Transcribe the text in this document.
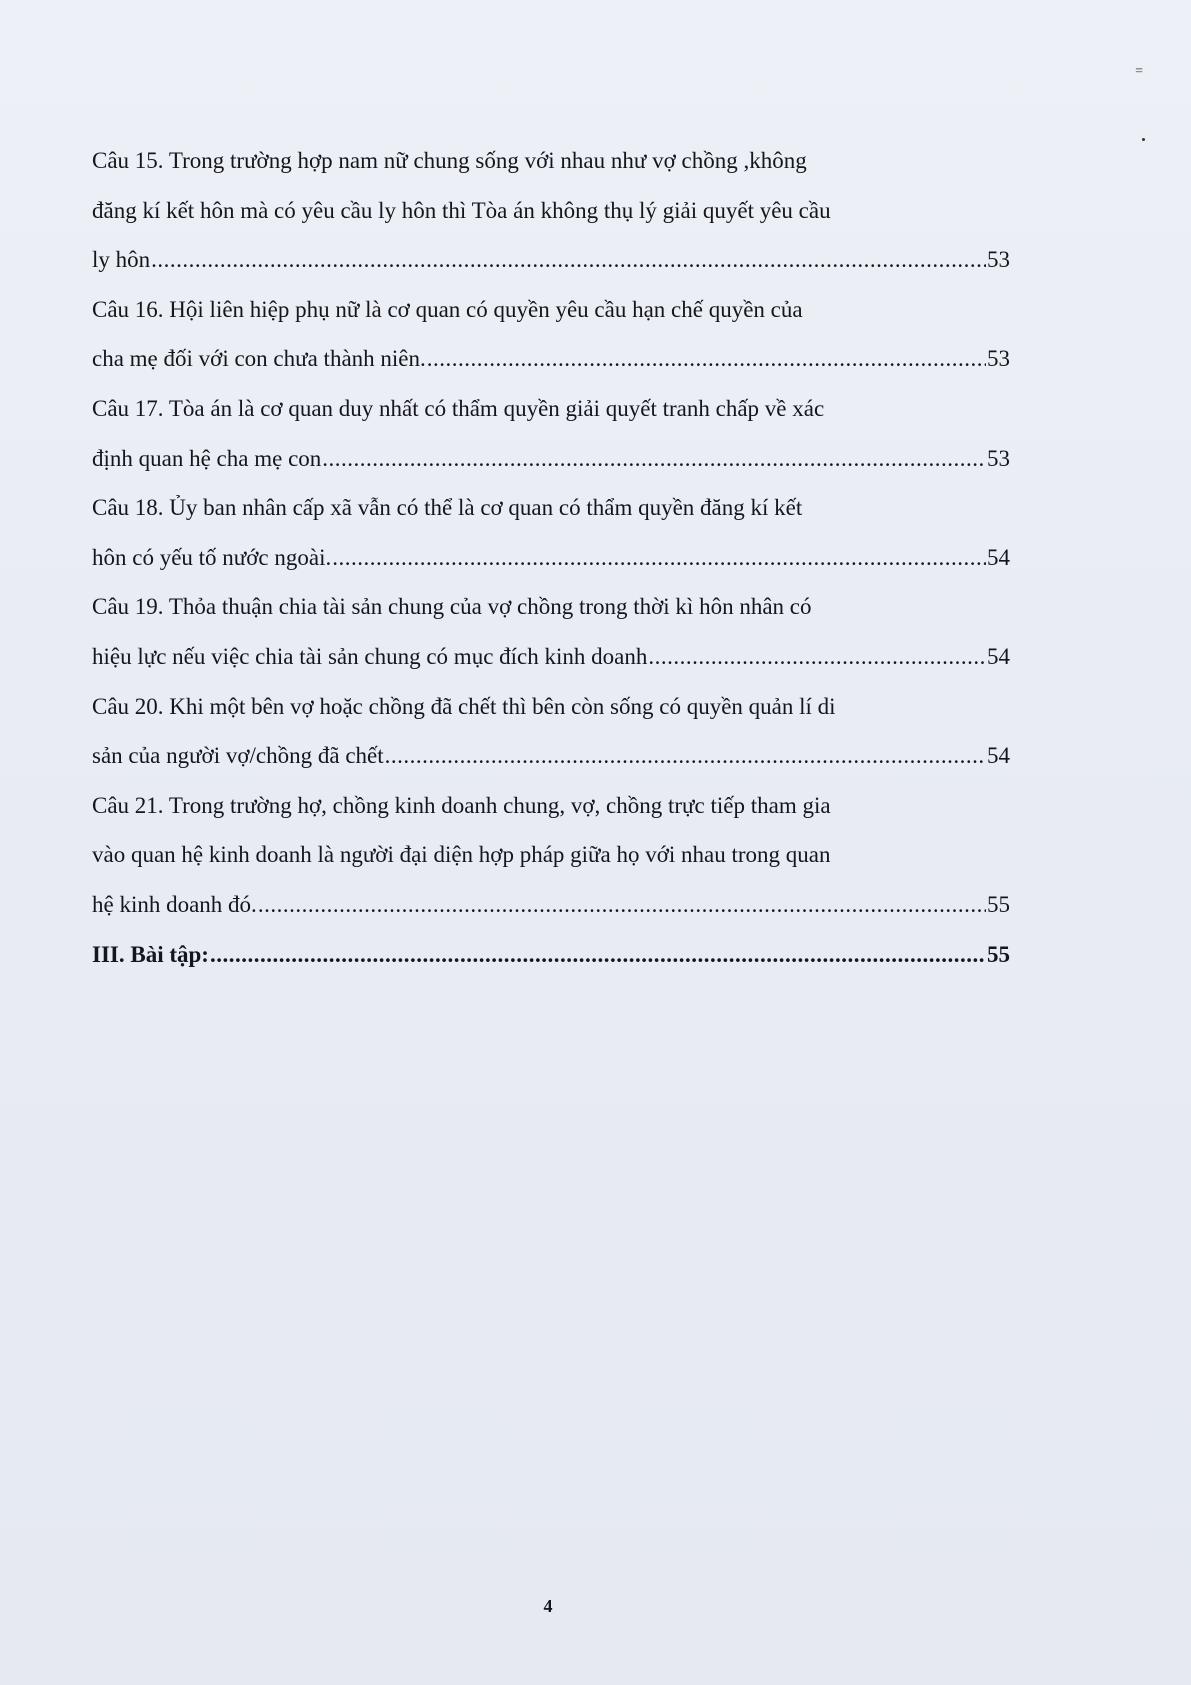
=
Câu 15. Trong trường hợp nam nữ chung sống với nhau như vợ chồng ,không
đăng kí kết hôn mà có yêu cầu ly hôn thì Tòa án không thụ lý giải quyết yêu cầu
ly hôn .....	53
Câu 16. Hội liên hiệp phụ nữ là cơ quan có quyền yêu cầu hạn chế quyền của
cha mẹ đối với con chưa thành niên. .....	53
Câu 17. Tòa án là cơ quan duy nhất có thẩm quyền giải quyết tranh chấp về xác
định quan hệ cha mẹ con .....	53
Câu 18. Ủy ban nhân cấp xã vẫn có thể là cơ quan có thẩm quyền đăng kí kết
hôn có yếu tố nước ngoài. .....	54
Câu 19. Thỏa thuận chia tài sản chung của vợ chồng trong thời kì hôn nhân có
hiệu lực nếu việc chia tài sản chung có mục đích kinh doanh .....	54
Câu 20. Khi một bên vợ hoặc chồng đã chết thì bên còn sống có quyền quản lí di
sản của người vợ/chồng đã chết .....	54
Câu 21. Trong trường hợ, chồng kinh doanh chung, vợ, chồng trực tiếp tham gia
vào quan hệ kinh doanh là người đại diện hợp pháp giữa họ với nhau trong quan
hệ kinh doanh đó. .....	55
III. Bài tập: .....	55
4
